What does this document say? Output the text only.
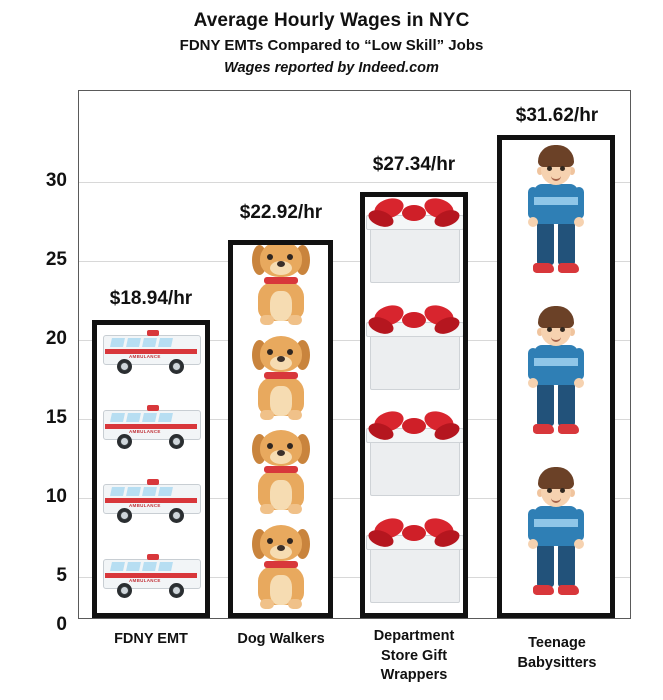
Average Hourly Wages in NYC
FDNY EMTs Compared to “Low Skill” Jobs
Wages reported by Indeed.com
30
25
20
15
10
5
0
AMBULANCE
AMBULANCE
AMBULANCE
AMBULANCE
$18.94/hr
$22.92/hr
$27.34/hr
$31.62/hr
FDNY EMT	Dog Walkers	Department
Store Gift
Wrappers
Teenage
Babysitters
